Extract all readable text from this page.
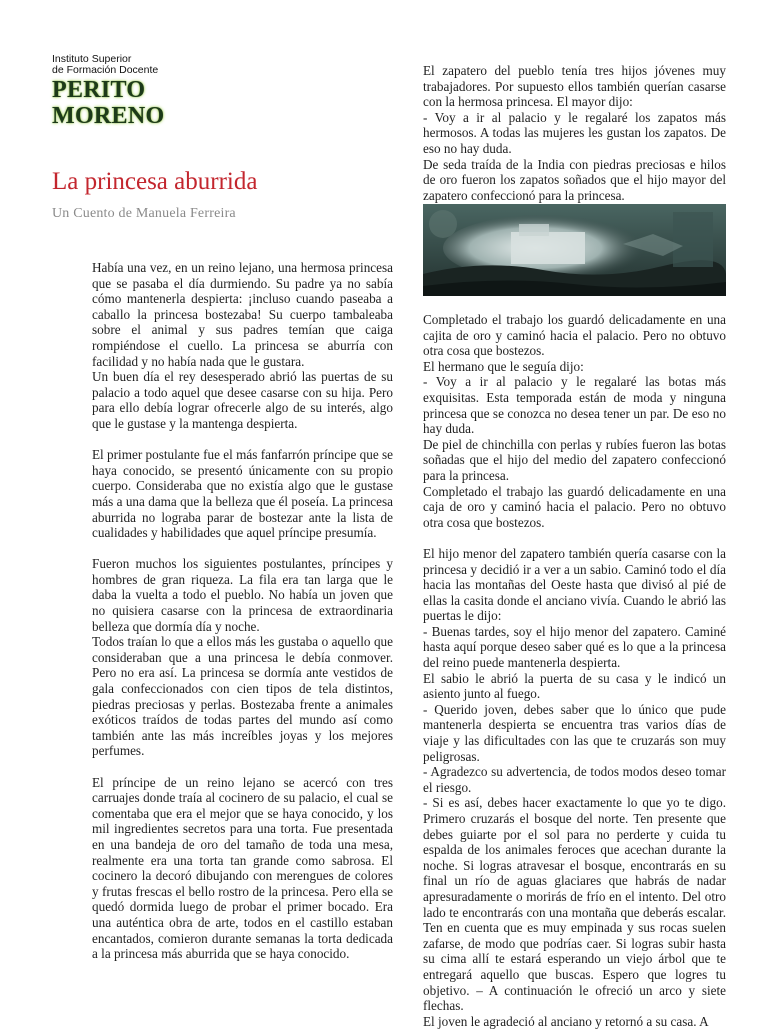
Instituto Superior
de Formación Docente
PERITO MORENO
La princesa aburrida
Un Cuento de Manuela Ferreira

Había una vez, en un reino lejano, una hermosa princesa que se pasaba el día durmiendo. Su padre ya no sabía cómo mantenerla despierta: ¡incluso cuando paseaba a caballo la princesa bostezaba! Su cuerpo tambaleaba sobre el animal y sus padres temían que caiga rompiéndose el cuello. La princesa se aburría con facilidad y no había nada que le gustara.

Un buen día el rey desesperado abrió las puertas de su palacio a todo aquel que desee casarse con su hija. Pero para ello debía lograr ofrecerle algo de su interés, algo que le gustase y la mantenga despierta.

El primer postulante fue el más fanfarrón príncipe que se haya conocido, se presentó únicamente con su propio cuerpo. Consideraba que no existía algo que le gustase más a una dama que la belleza que él poseía. La princesa aburrida no lograba parar de bostezar ante la lista de cualidades y habilidades que aquel príncipe presumía.

Fueron muchos los siguientes postulantes, príncipes y hombres de gran riqueza. La fila era tan larga que le daba la vuelta a todo el pueblo. No había un joven que no quisiera casarse con la princesa de extraordinaria belleza que dormía día y noche.

Todos traían lo que a ellos más les gustaba o aquello que consideraban que a una princesa le debía conmover. Pero no era así. La princesa se dormía ante vestidos de gala confeccionados con cien tipos de tela distintos, piedras preciosas y perlas. Bostezaba frente a animales exóticos traídos de todas partes del mundo así como también ante las más increíbles joyas y los mejores perfumes.

El príncipe de un reino lejano se acercó con tres carruajes donde traía al cocinero de su palacio, el cual se comentaba que era el mejor que se haya conocido, y los mil ingredientes secretos para una torta. Fue presentada en una bandeja de oro del tamaño de toda una mesa, realmente era una torta tan grande como sabrosa. El cocinero la decoró dibujando con merengues de colores y frutas frescas el bello rostro de la princesa. Pero ella se quedó dormida luego de probar el primer bocado. Era una auténtica obra de arte, todos en el castillo estaban encantados, comieron durante semanas la torta dedicada a la princesa más aburrida que se haya conocido.

El zapatero del pueblo tenía tres hijos jóvenes muy trabajadores. Por supuesto ellos también querían casarse con la hermosa princesa. El mayor dijo:

- Voy a ir al palacio y le regalaré los zapatos más hermosos. A todas las mujeres les gustan los zapatos. De eso no hay duda.

De seda traída de la India con piedras preciosas e hilos de oro fueron los zapatos soñados que el hijo mayor del zapatero confeccionó para la princesa.

Completado el trabajo los guardó delicadamente en una cajita de oro y caminó hacia el palacio. Pero no obtuvo otra cosa que bostezos.

El hermano que le seguía dijo:

- Voy a ir al palacio y le regalaré las botas más exquisitas. Esta temporada están de moda y ninguna princesa que se conozca no desea tener un par. De eso no hay duda.

De piel de chinchilla con perlas y rubíes fueron las botas soñadas que el hijo del medio del zapatero confeccionó para la princesa.

Completado el trabajo las guardó delicadamente en una caja de oro y caminó hacia el palacio. Pero no obtuvo otra cosa que bostezos.

El hijo menor del zapatero también quería casarse con la princesa y decidió ir a ver a un sabio. Caminó todo el día hacia las montañas del Oeste hasta que divisó al pié de ellas la casita donde el anciano vivía. Cuando le abrió las puertas le dijo:

- Buenas tardes, soy el hijo menor del zapatero. Caminé hasta aquí porque deseo saber qué es lo que a la princesa del reino puede mantenerla despierta.

El sabio le abrió la puerta de su casa y le indicó un asiento junto al fuego.

- Querido joven, debes saber que lo único que pude mantenerla despierta se encuentra tras varios días de viaje y las dificultades con las que te cruzarás son muy peligrosas.

- Agradezco su advertencia, de todos modos deseo tomar el riesgo.

- Si es así, debes hacer exactamente lo que yo te digo. Primero cruzarás el bosque del norte. Ten presente que debes guiarte por el sol para no perderte y cuida tu espalda de los animales feroces que acechan durante la noche. Si logras atravesar el bosque, encontrarás en su final un río de aguas glaciares que habrás de nadar apresuradamente o morirás de frío en el intento. Del otro lado te encontrarás con una montaña que deberás escalar. Ten en cuenta que es muy empinada y sus rocas suelen zafarse, de modo que podrías caer. Si logras subir hasta su cima allí te estará esperando un viejo árbol que te entregará aquello que buscas. Espero que logres tu objetivo. – A continuación le ofreció un arco y siete flechas.

El joven le agradeció al anciano y retornó a su casa. A
